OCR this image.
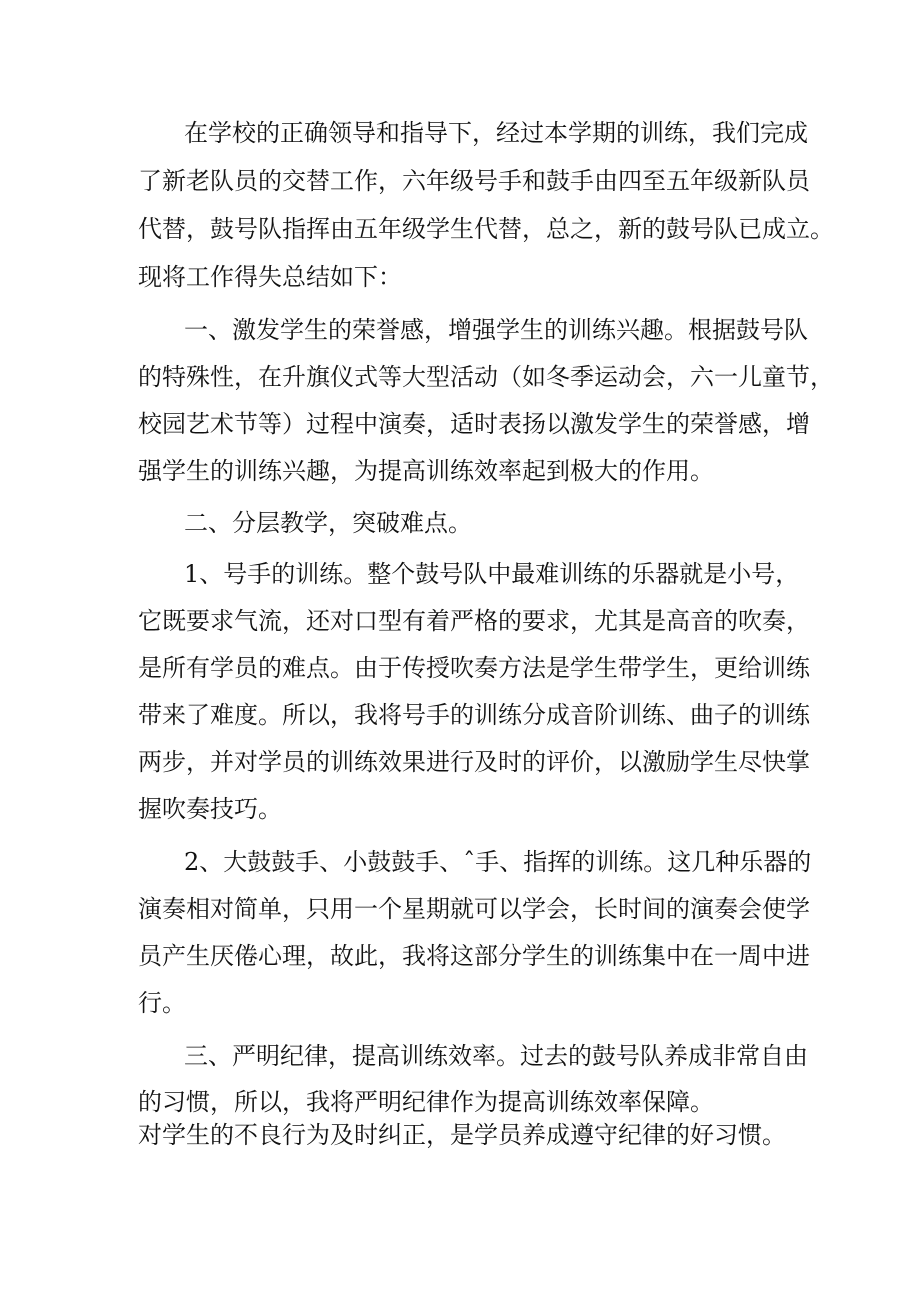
在学校的正确领导和指导下，经过本学期的训练，我们完成
了新老队员的交替工作，六年级号手和鼓手由四至五年级新队员
代替，鼓号队指挥由五年级学生代替，总之，新的鼓号队已成立。
现将工作得失总结如下：
一、激发学生的荣誉感，增强学生的训练兴趣。根据鼓号队
的特殊性，在升旗仪式等大型活动（如冬季运动会，六一儿童节，
校园艺术节等）过程中演奏，适时表扬以激发学生的荣誉感，增
强学生的训练兴趣，为提高训练效率起到极大的作用。
二、分层教学，突破难点。
1、号手的训练。整个鼓号队中最难训练的乐器就是小号，
它既要求气流，还对口型有着严格的要求，尤其是高音的吹奏，
是所有学员的难点。由于传授吹奏方法是学生带学生，更给训练
带来了难度。所以，我将号手的训练分成音阶训练、曲子的训练
两步，并对学员的训练效果进行及时的评价，以激励学生尽快掌
握吹奏技巧。
2、大鼓鼓手、小鼓鼓手、ˆ手、指挥的训练。这几种乐器的
演奏相对简单，只用一个星期就可以学会，长时间的演奏会使学
员产生厌倦心理，故此，我将这部分学生的训练集中在一周中进
行。
三、严明纪律，提高训练效率。过去的鼓号队养成非常自由
的习惯，所以，我将严明纪律作为提高训练效率保障。
对学生的不良行为及时纠正，是学员养成遵守纪律的好习惯。
